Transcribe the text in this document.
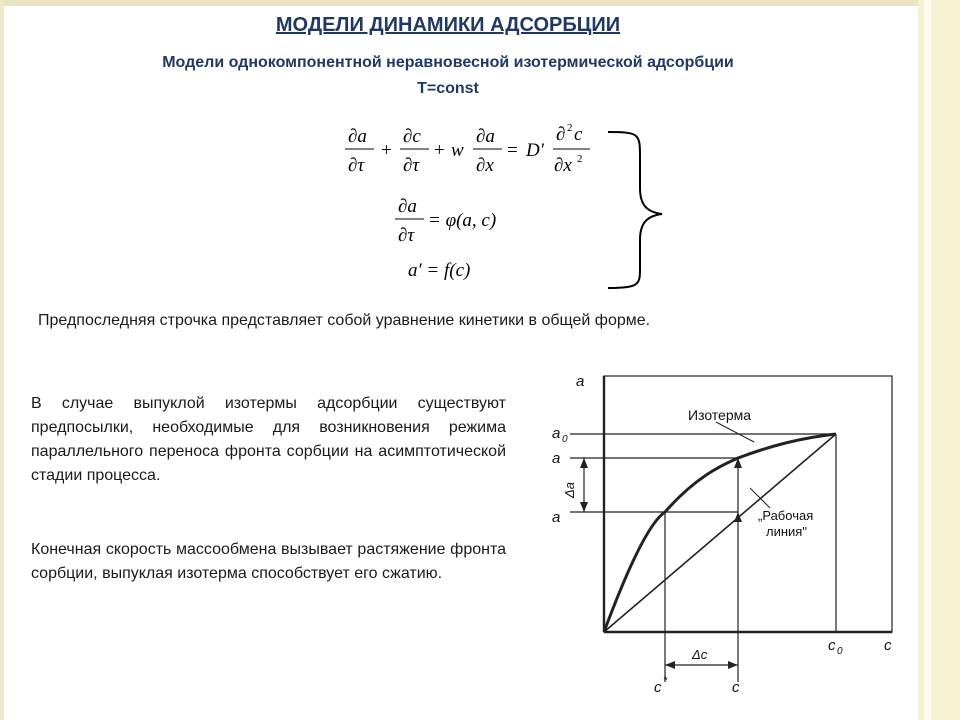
МОДЕЛИ ДИНАМИКИ АДСОРБЦИИ
Модели однокомпонентной неравновесной изотермической адсорбции
T=const
∂a
∂τ
+
∂c
∂τ
+ w
∂a
∂x
= D′
∂ 2 c
∂x 2
∂a
∂τ
= φ(a, c)
a′ = f(c)
Предпоследняя строчка представляет собой уравнение кинетики в общей форме.
В случае выпуклой изотермы адсорбции существуют предпосылки, необходимые для возникновения режима параллельного переноса фронта сорбции на асимптотической стадии процесса.
Конечная скорость массообмена вызывает растяжение фронта сорбции, выпуклая изотерма способствует его сжатию.
a
a 0
a
a
Δa
c 0	c
Δc
c *	c
Изотерма
„Рабочая
линия"
